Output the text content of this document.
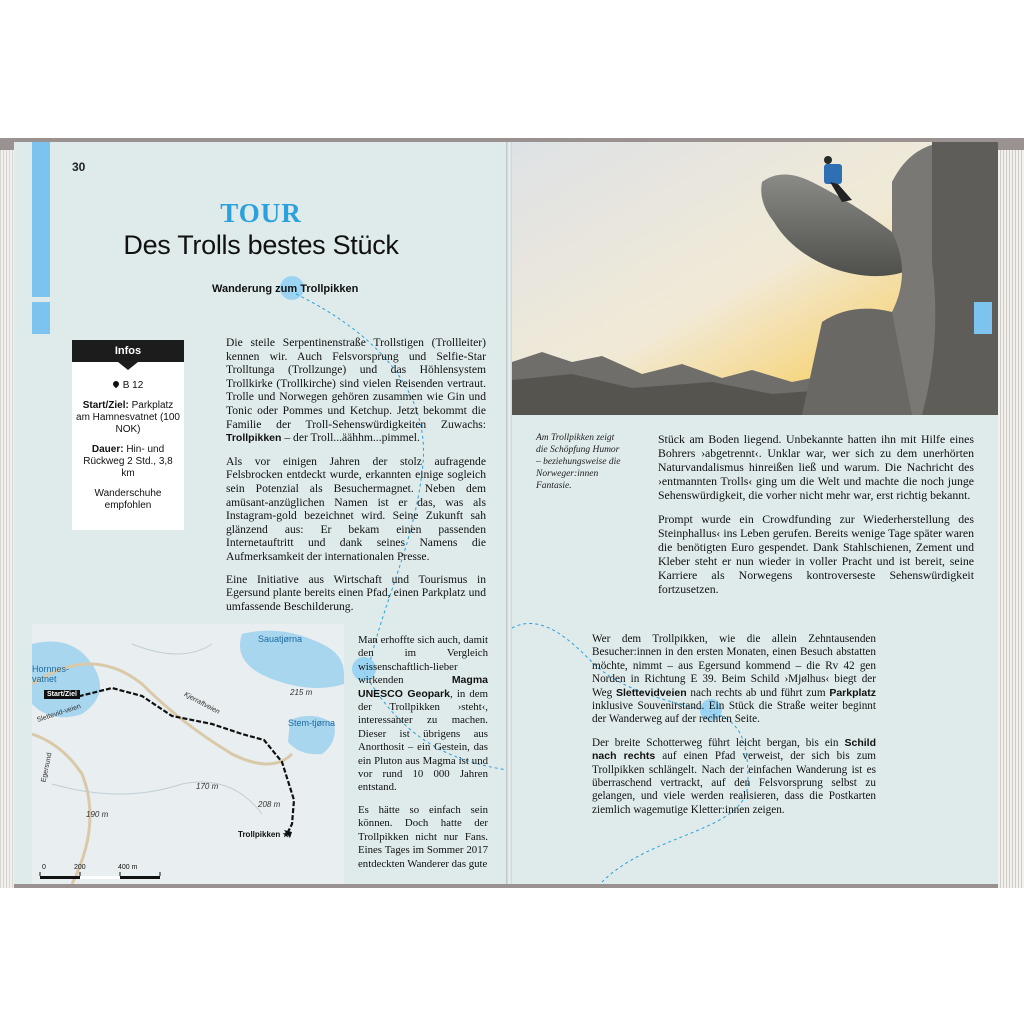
30
TOUR
Des Trolls bestes Stück
Wanderung zum Trollpikken
Infos

B 12

Start/Ziel: Parkplatz am Hamnesvatnet (100 NOK)

Dauer: Hin- und Rückweg 2 Std., 3,8 km

Wanderschuhe empfohlen

Die steile Serpentinenstraße Trollstigen (Trollleiter) kennen wir. Auch Felsvorsprung und Selfie-Star Trolltunga (Trollzunge) und das Höhlensystem Trollkirke (Trollkirche) sind vielen Reisenden vertraut. Trolle und Norwegen gehören zusammen wie Gin und Tonic oder Pommes und Ketchup. Jetzt bekommt die Familie der Troll-Sehenswürdigkeiten Zuwachs: Trollpikken – der Troll...äähhm...pimmel.

Als vor einigen Jahren der stolz aufragende Felsbrocken entdeckt wurde, erkannten einige sogleich sein Potenzial als Besuchermagnet. Neben dem amüsant-anzüglichen Namen ist er das, was als Instagram-gold bezeichnet wird. Seine Zukunft sah glänzend aus: Er bekam einen passenden Internetauftritt und dank seines Namens die Aufmerksamkeit der internationalen Presse.

Eine Initiative aus Wirtschaft und Tourismus in Egersund plante bereits einen Pfad, einen Parkplatz und umfassende Beschilderung.

Man erhoffte sich auch, damit den im Vergleich wissenschaftlich-lieber wirkenden Magma UNESCO Geopark, in dem der Trollpikken ›steht‹, interessanter zu machen. Dieser ist übrigens aus Anorthosit – ein Gestein, das ein Pluton aus Magma ist und vor rund 10 000 Jahren entstand.

Es hätte so einfach sein können. Doch hatte der Trollpikken nicht nur Fans. Eines Tages im Sommer 2017 entdeckten Wanderer das gute

Hornnes-vatnet
Start/Ziel
Slettevid-veien
Egersund
Kjerraftveien
Sauatjørna
Stem-tjørna
215 m
170 m
208 m
190 m
Trollpikken ★
0	200	400 m
Am Trollpikken zeigt die Schöpfung Humor – beziehungsweise die Norweger:innen Fantasie.

Stück am Boden liegend. Unbekannte hatten ihn mit Hilfe eines Bohrers ›abgetrennt‹. Unklar war, wer sich zu dem unerhörten Naturvandalismus hinreißen ließ und warum. Die Nachricht des ›entmannten Trolls‹ ging um die Welt und machte die noch junge Sehenswürdigkeit, die vorher nicht mehr war, erst richtig bekannt.

Prompt wurde ein Crowdfunding zur Wiederherstellung des Steinphallus‹ ins Leben gerufen. Bereits wenige Tage später waren die benötigten Euro gespendet. Dank Stahlschienen, Zement und Kleber steht er nun wieder in voller Pracht und ist bereit, seine Karriere als Norwegens kontroverseste Sehenswürdigkeit fortzusetzen.

Wer dem Trollpikken, wie die allein Zehntausenden Besucher:innen in den ersten Monaten, einen Besuch abstatten möchte, nimmt – aus Egersund kommend – die Rv 42 gen Norden in Richtung E 39. Beim Schild ›Mjølhus‹ biegt der Weg Slettevidveien nach rechts ab und führt zum Parkplatz inklusive Souvenirstand. Ein Stück die Straße weiter beginnt der Wanderweg auf der rechten Seite.

Der breite Schotterweg führt leicht bergan, bis ein Schild nach rechts auf einen Pfad verweist, der sich bis zum Trollpikken schlängelt. Nach der einfachen Wanderung ist es überraschend vertrackt, auf den Felsvorsprung selbst zu gelangen, und viele werden realisieren, dass die Postkarten ziemlich wagemutige Kletter:innen zeigen.
